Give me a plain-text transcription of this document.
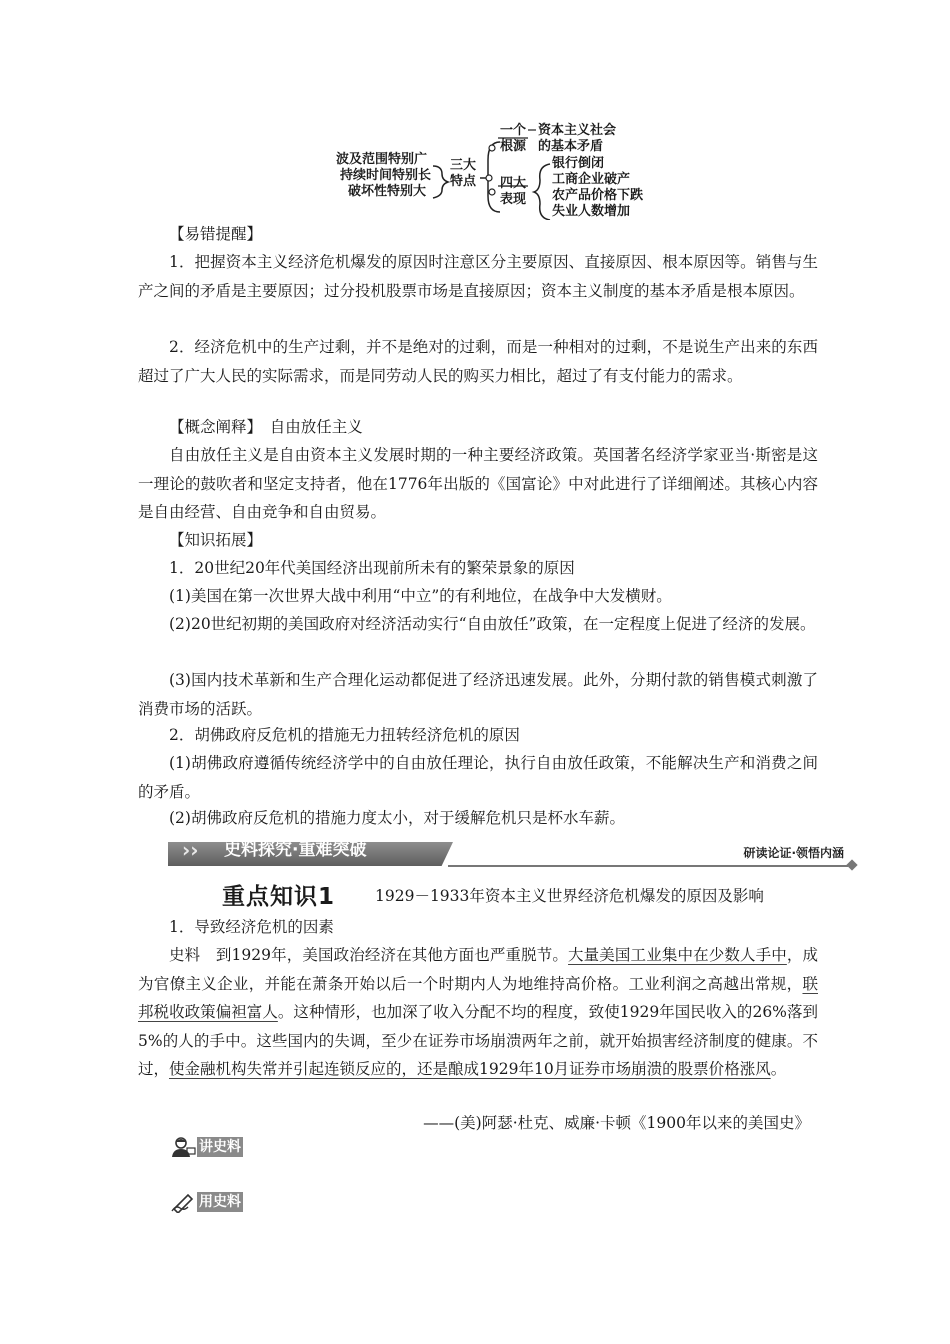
波及范围特别广
持续时间特别长
破坏性特别大
三大特点
一个根源
资本主义社会
的基本矛盾
四大表现
银行倒闭
工商企业破产
农产品价格下跌
失业人数增加

【易错提醒】

1．把握资本主义经济危机爆发的原因时注意区分主要原因、直接原因、根本原因等。销售与生产之间的矛盾是主要原因；过分投机股票市场是直接原因；资本主义制度的基本矛盾是根本原因。

2．经济危机中的生产过剩，并不是绝对的过剩，而是一种相对的过剩，不是说生产出来的东西超过了广大人民的实际需求，而是同劳动人民的购买力相比，超过了有支付能力的需求。

【概念阐释】　自由放任主义

自由放任主义是自由资本主义发展时期的一种主要经济政策。英国著名经济学家亚当·斯密是这一理论的鼓吹者和坚定支持者，他在1776年出版的《国富论》中对此进行了详细阐述。其核心内容是自由经营、自由竞争和自由贸易。

【知识拓展】

1．20世纪20年代美国经济出现前所未有的繁荣景象的原因

(1)美国在第一次世界大战中利用“中立”的有利地位，在战争中大发横财。

(2)20世纪初期的美国政府对经济活动实行“自由放任”政策，在一定程度上促进了经济的发展。

(3)国内技术革新和生产合理化运动都促进了经济迅速发展。此外，分期付款的销售模式刺激了消费市场的活跃。

2．胡佛政府反危机的措施无力扭转经济危机的原因

(1)胡佛政府遵循传统经济学中的自由放任理论，执行自由放任政策，不能解决生产和消费之间的矛盾。

(2)胡佛政府反危机的措施力度太小，对于缓解危机只是杯水车薪。

›› 史料探究·重难突破	研读论证·领悟内涵
重点知识1	1929－1933年资本主义世界经济危机爆发的原因及影响

1．导致经济危机的因素

史料　到1929年，美国政治经济在其他方面也严重脱节。大量美国工业集中在少数人手中，成为官僚主义企业，并能在萧条开始以后一个时期内人为地维持高价格。工业利润之高越出常规，联邦税收政策偏袒富人。这种情形，也加深了收入分配不均的程度，致使1929年国民收入的26%落到5%的人的手中。这些国内的失调，至少在证券市场崩溃两年之前，就开始损害经济制度的健康。不过，使金融机构失常并引起连锁反应的，还是酿成1929年10月证券市场崩溃的股票价格涨风。

——(美)阿瑟·杜克、威廉·卡顿《1900年以来的美国史》

讲史料
用史料
